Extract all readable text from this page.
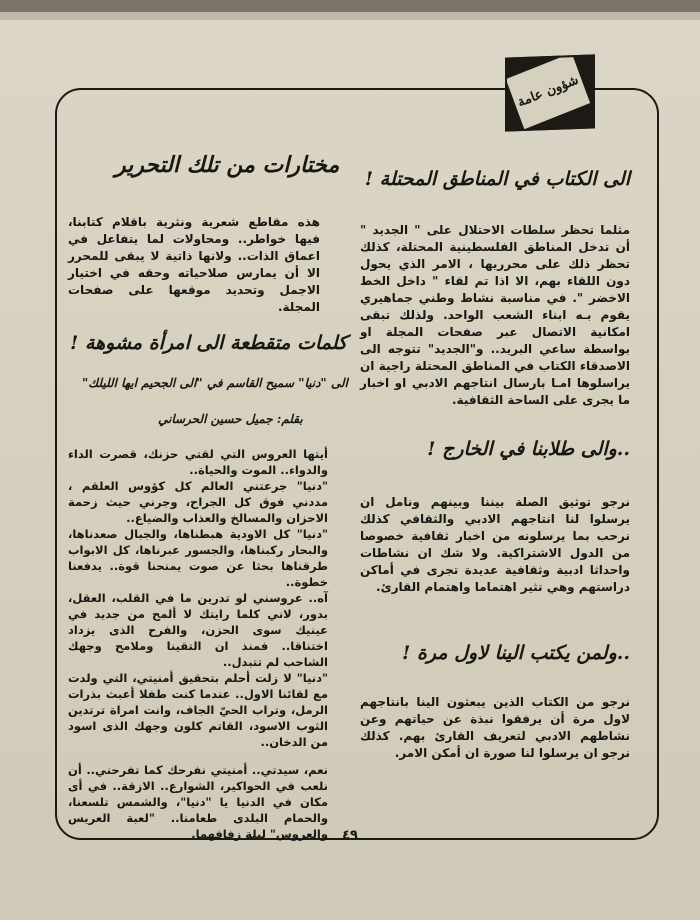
شؤون عامة
الى الكتاب في المناطق المحتلة !

مثلما تحظر سلطات الاحتلال على " الجديد " أن تدخل المناطق الفلسطينية المحتلة، كذلك تحظر ذلك على محرريها ، الامر الذي يحول دون اللقاء بهم، الا اذا تم لقاء " داخل الخط الاخضر ". في مناسبة نشاط وطني جماهيري يقوم بـه ابناء الشعب الواحد. ولذلك تبقى امكانية الاتصال عبر صفحات المجلة او بواسطة ساعي البريد.. و"الجديد" تتوجه الى الاصدقاء الكتاب في المناطق المحتلة راجية ان يراسلوها امـا بارسال انتاجهم الادبي او اخبار ما يجرى على الساحة الثقافية.

..والى طلابنا في الخارج !

نرجو توثيق الصلة بيننا وبينهم ونامل ان يرسلوا لنا انتاجهم الادبي والثقافي كذلك نرحب بما يرسلونه من اخبار ثقافية خصوصا من الدول الاشتراكية. ولا شك ان نشاطات واحداثا ادبية وثقافية عديدة تجرى في أماكن دراستهم وهي تثير اهتماما واهتمام القارئ.

..ولمن يكتب الينا لاول مرة !

نرجو من الكتاب الذين يبعثون الينا بانتاجهم لاول مرة أن يرفقوا نبذة عن حياتهم وعن نشاطهم الادبي لتعريف القارئ بهم. كذلك نرجو ان يرسلوا لنا صورة ان أمكن الامر.

مختارات من تلك التحرير

هذه مقاطع شعرية ونثرية باقلام كتابنا، فيها خواطر.. ومحاولات لما يتفاعل في اعماق الذات.. ولانها ذاتية لا يبقى للمحرر الا أن يمارس صلاحياته وحقه في اختيار الاجمل وتحديد موقعها على صفحات المجلة.

كلمات متقطعة الى امرأة مشوهة !
الى "دنيا" سميح القاسم في "الى الجحيم ايها الليلك"
بقلم: جميل حسين الحرساني

أيتها العروس التي لقتي حزنك، قصرت الداء والدواء.. الموت والحياة..

"دنيا" جرعتني العالم كل كؤوس العلقم ، مددني فوق كل الجراح، وجرني حيث زحمة الاحزان والمسالخ والعذاب والضياع..

"دنيا" كل الاودية هبطناها، والجبال صعدناها، والبحار ركبناها، والجسور عبرناها، كل الابواب طرقناها بحثا عن صوت يمنحنا قوة.. يدفعنا خطوة..

آه.. عروسني لو تدرين ما في القلب، العقل، بدور، لاني كلما رايتك لا ألمح من جديد في عينيك سوى الحزن، والفرح الذى يزداد اختناقا.. فمنذ ان التقينا وملامح وجهك الشاحب لم تتبدل..

"دنيا" لا زلت أحلم بتحقيق أمنيتي، التي ولدت مع لقائنا الاول.. عندما كنت طفلا أعبث بذرات الرمل، وتراب الحيّ الجاف، وانت امراة ترتدين الثوب الاسود، القاتم كلون وجهك الذى اسود من الدخان..

نعم، سيدتي.. أمنيتي نفرحك كما تفرحني.. أن نلعب في الحواكير، الشوارع.. الازقة.. في أى مكان في الدنيا يا "دنيا"، والشمس تلسعنا، والحمام البلدى طعامنا.. "لعبة العريس والعروس" ليلة زفافهما.	٤٩
